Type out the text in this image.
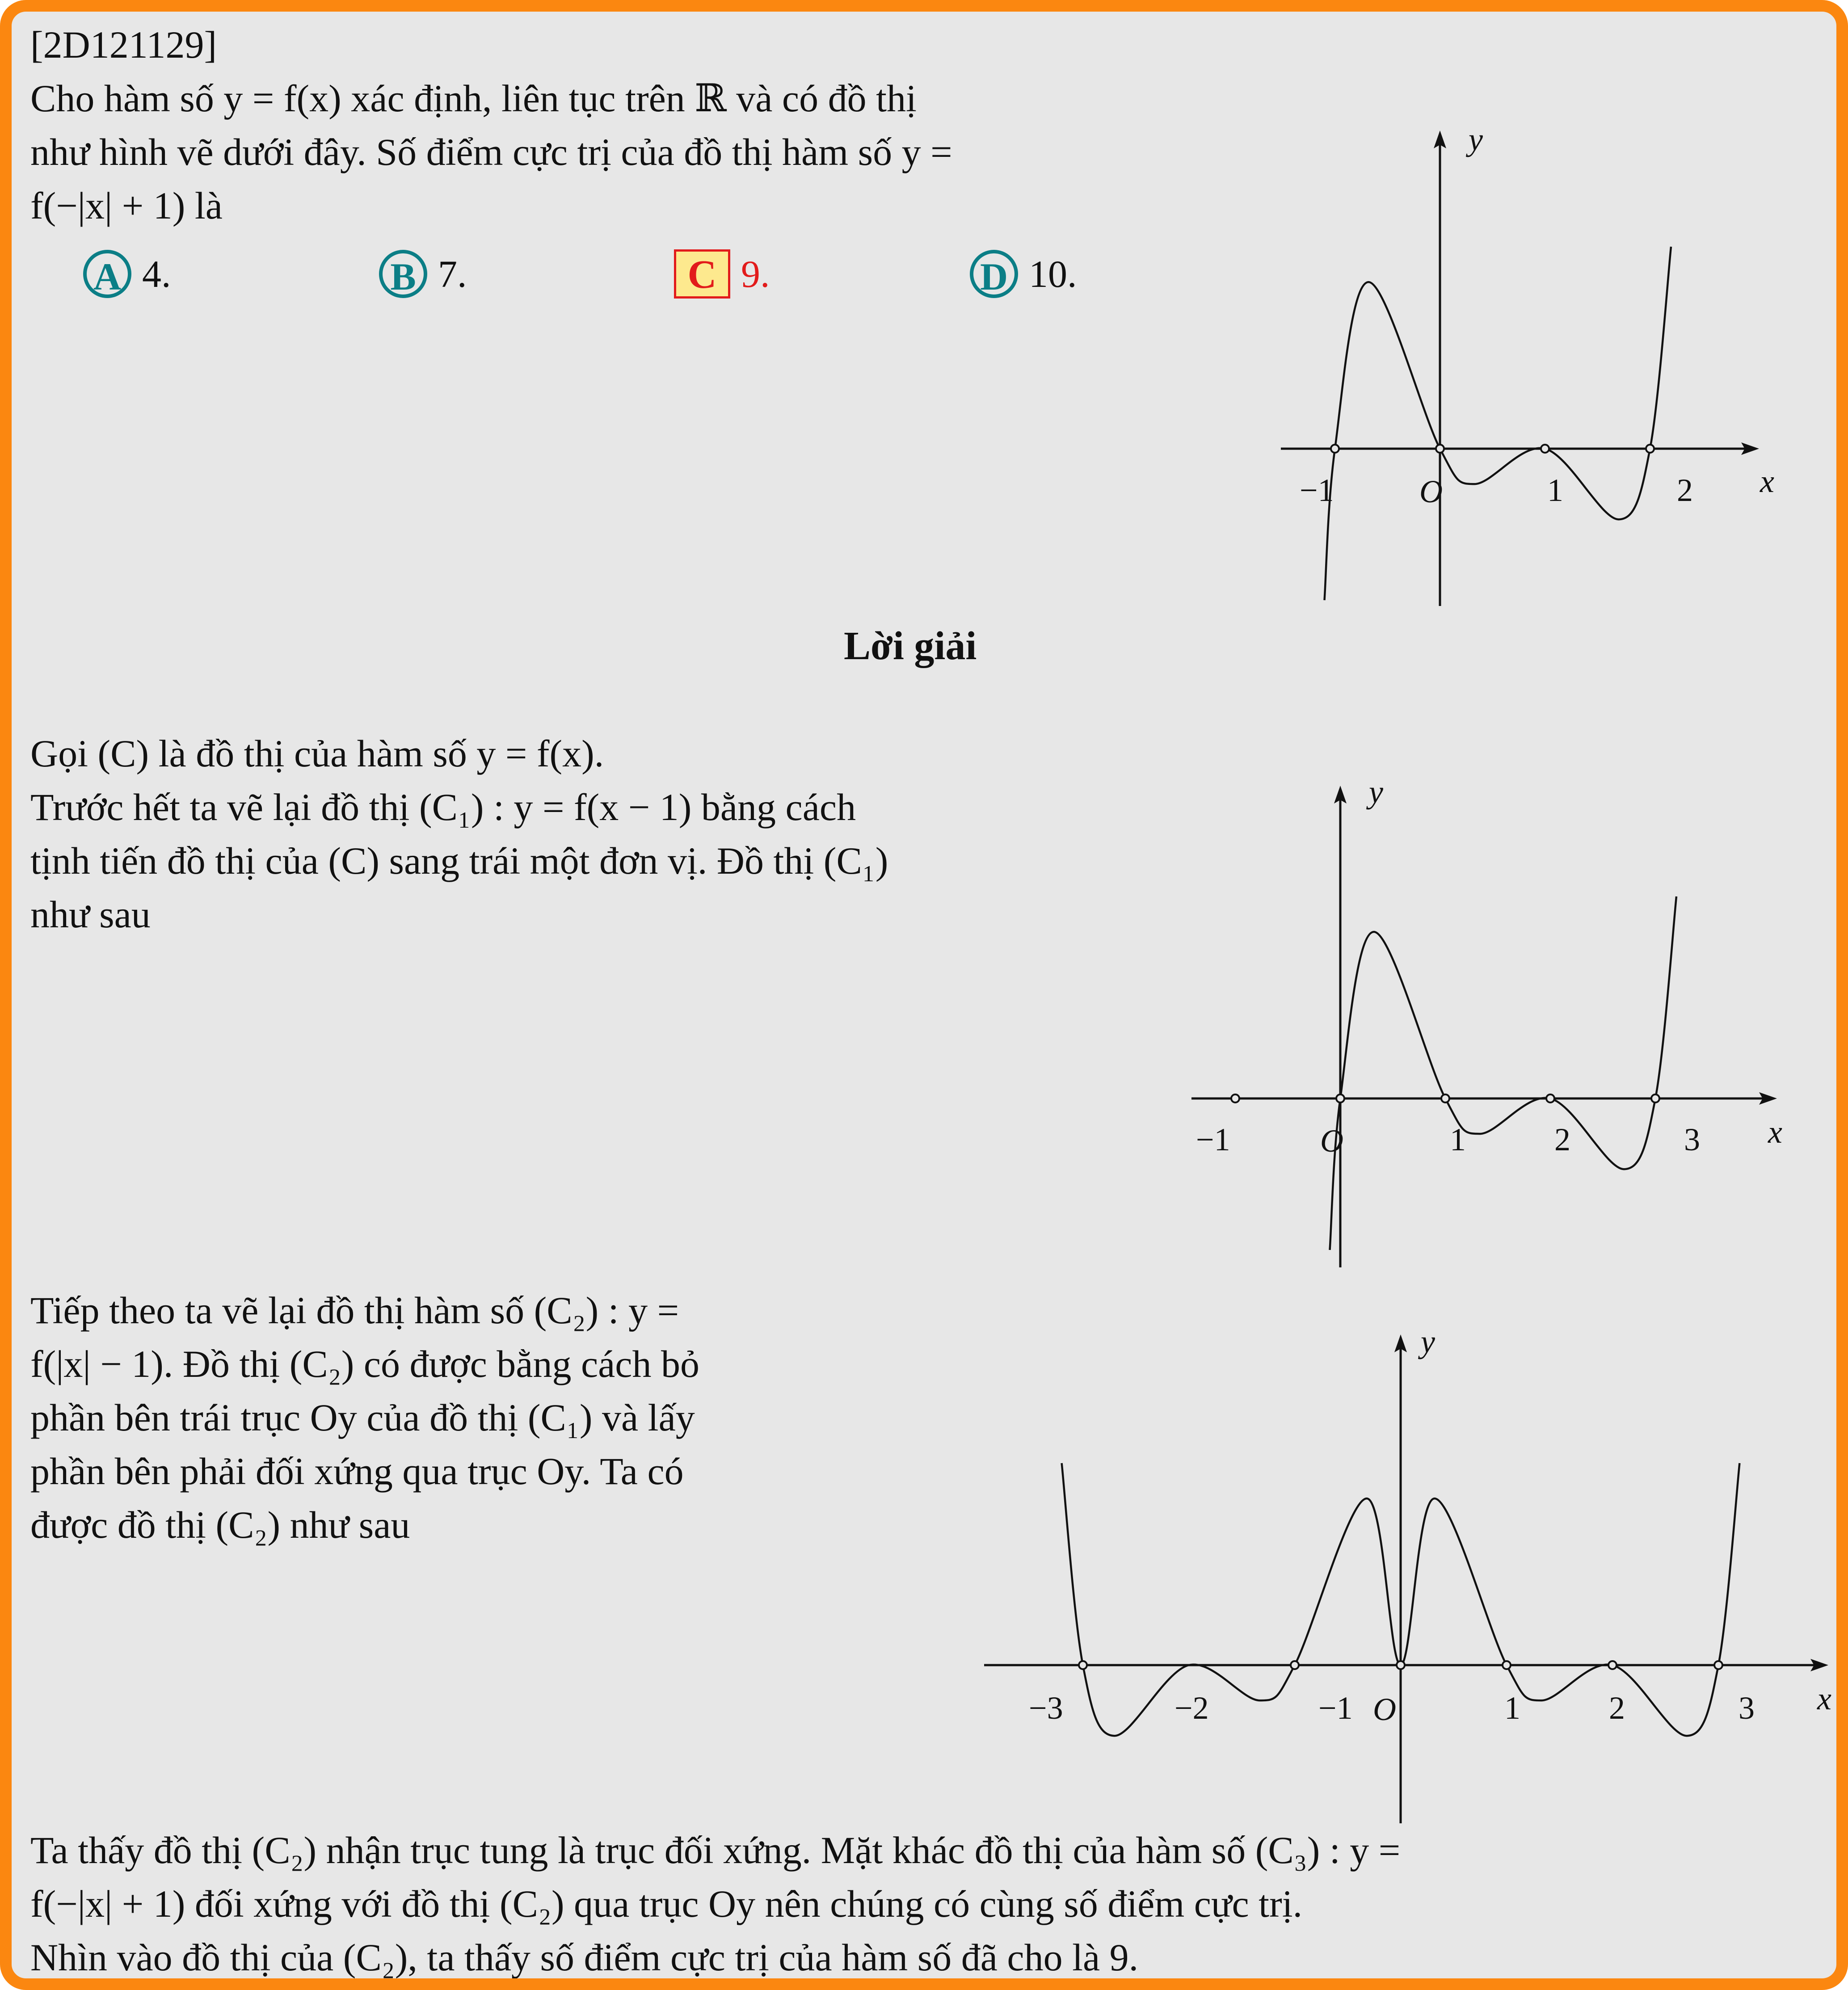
[2D121129]
Cho hàm số y = f(x) xác định, liên tục trên ℝ và có đồ thị
như hình vẽ dưới đây. Số điểm cực trị của đồ thị hàm số y =
f(−|x| + 1) là
A 4.	B 7.	C 9.	D 10.
Lời giải
Gọi (C) là đồ thị của hàm số y = f(x).
Trước hết ta vẽ lại đồ thị (C₁) : y = f(x − 1) bằng cách
tịnh tiến đồ thị của (C) sang trái một đơn vị. Đồ thị (C₁)
như sau
Tiếp theo ta vẽ lại đồ thị hàm số (C₂) : y =
f(|x| − 1). Đồ thị (C₂) có được bằng cách bỏ
phần bên trái trục Oy của đồ thị (C₁) và lấy
phần bên phải đối xứng qua trục Oy. Ta có
được đồ thị (C₂) như sau
Ta thấy đồ thị (C₂) nhận trục tung là trục đối xứng. Mặt khác đồ thị của hàm số (C₃) : y =
f(−|x| + 1) đối xứng với đồ thị (C₂) qua trục Oy nên chúng có cùng số điểm cực trị.
Nhìn vào đồ thị của (C₂), ta thấy số điểm cực trị của hàm số đã cho là 9.
−1	1	2
O	x
y
−1	1	2	3
O	x
y
−3	−2	−1	1	2	3
O	x
y
